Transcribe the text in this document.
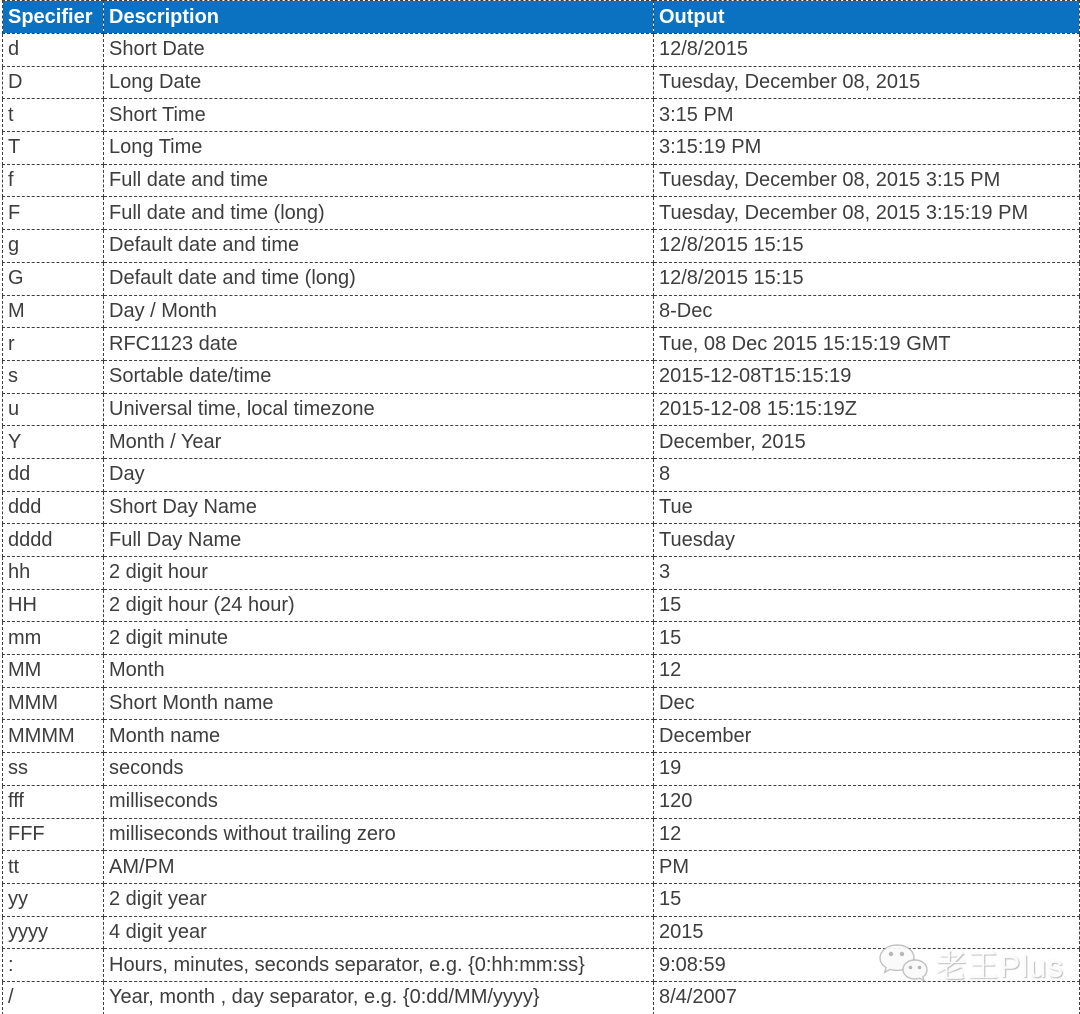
Specifier	Description	Output
d	Short Date	12/8/2015
D	Long Date	Tuesday, December 08, 2015
t	Short Time	3:15 PM
T	Long Time	3:15:19 PM
f	Full date and time	Tuesday, December 08, 2015 3:15 PM
F	Full date and time (long)	Tuesday, December 08, 2015 3:15:19 PM
g	Default date and time	12/8/2015 15:15
G	Default date and time (long)	12/8/2015 15:15
M	Day / Month	8-Dec
r	RFC1123 date	Tue, 08 Dec 2015 15:15:19 GMT
s	Sortable date/time	2015-12-08T15:15:19
u	Universal time, local timezone	2015-12-08 15:15:19Z
Y	Month / Year	December, 2015
dd	Day	8
ddd	Short Day Name	Tue
dddd	Full Day Name	Tuesday
hh	2 digit hour	3
HH	2 digit hour (24 hour)	15
mm	2 digit minute	15
MM	Month	12
MMM	Short Month name	Dec
MMMM	Month name	December
ss	seconds	19
fff	milliseconds	120
FFF	milliseconds without trailing zero	12
tt	AM/PM	PM
yy	2 digit year	15
yyyy	4 digit year	2015
:	Hours, minutes, seconds separator, e.g. {0:hh:mm:ss}	9:08:59
/	Year, month , day separator, e.g. {0:dd/MM/yyyy}	8/4/2007
老王Plus
